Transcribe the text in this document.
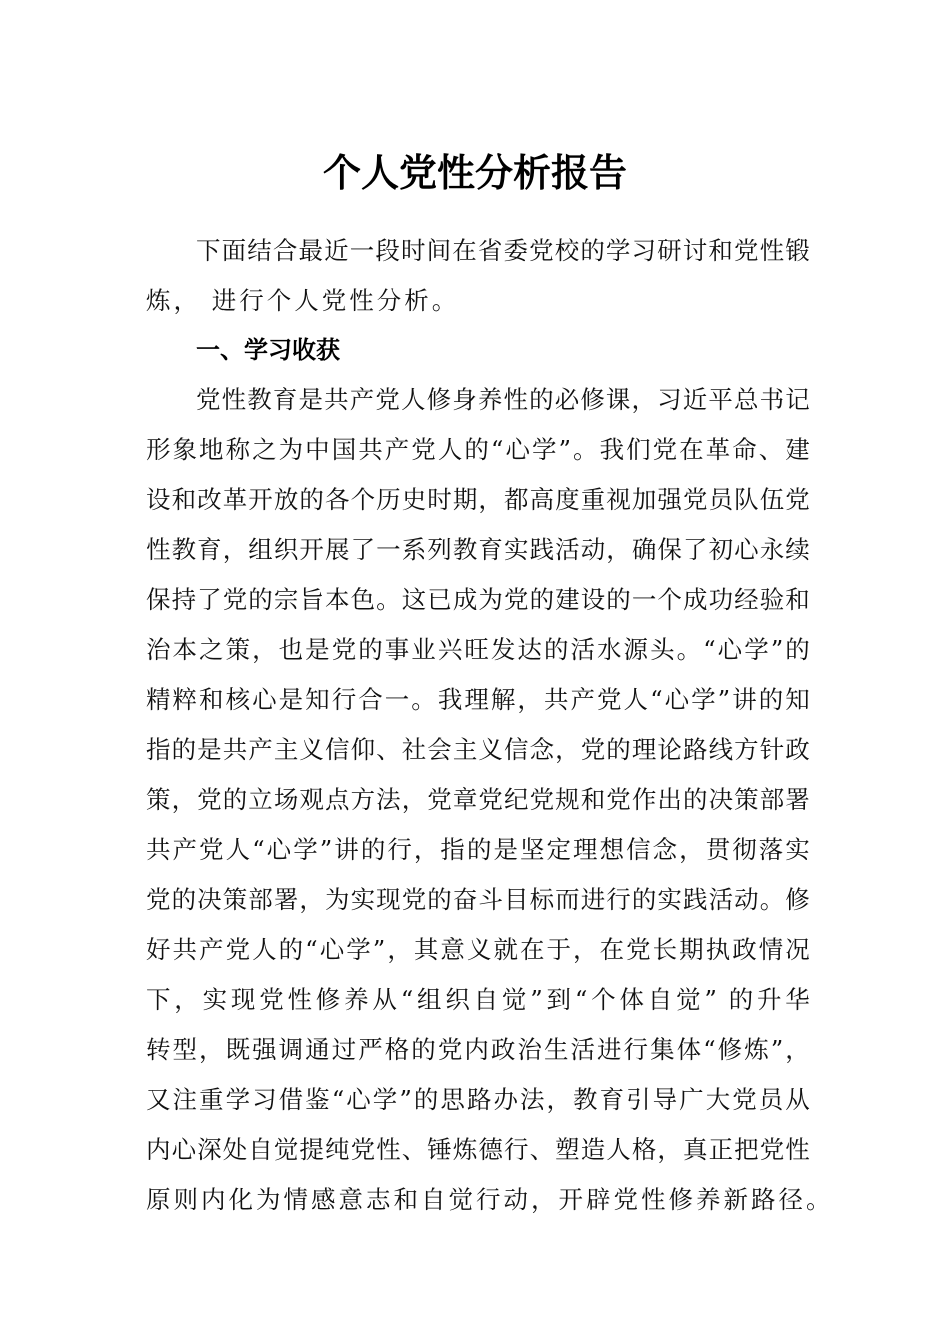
个人党性分析报告
下面结合最近一段时间在省委党校的学习研讨和党性锻
炼， 进行个人党性分析。
一、学习收获
党性教育是共产党人修身养性的必修课，习近平总书记
形象地称之为中国共产党人的“心学”。我们党在革命、建
设和改革开放的各个历史时期，都高度重视加强党员队伍党
性教育，组织开展了一系列教育实践活动，确保了初心永续
保持了党的宗旨本色。这已成为党的建设的一个成功经验和
治本之策，也是党的事业兴旺发达的活水源头。“心学”的
精粹和核心是知行合一。我理解，共产党人“心学”讲的知
指的是共产主义信仰、社会主义信念，党的理论路线方针政
策，党的立场观点方法，党章党纪党规和党作出的决策部署
共产党人“心学”讲的行，指的是坚定理想信念，贯彻落实
党的决策部署，为实现党的奋斗目标而进行的实践活动。修
好共产党人的“心学”，其意义就在于，在党长期执政情况
下，实现党性修养从“组织自觉”到“个体自觉” 的升华
转型，既强调通过严格的党内政治生活进行集体“修炼”，
又注重学习借鉴“心学”的思路办法，教育引导广大党员从
内心深处自觉提纯党性、锤炼德行、塑造人格，真正把党性
原则内化为情感意志和自觉行动，开辟党性修养新路径。
